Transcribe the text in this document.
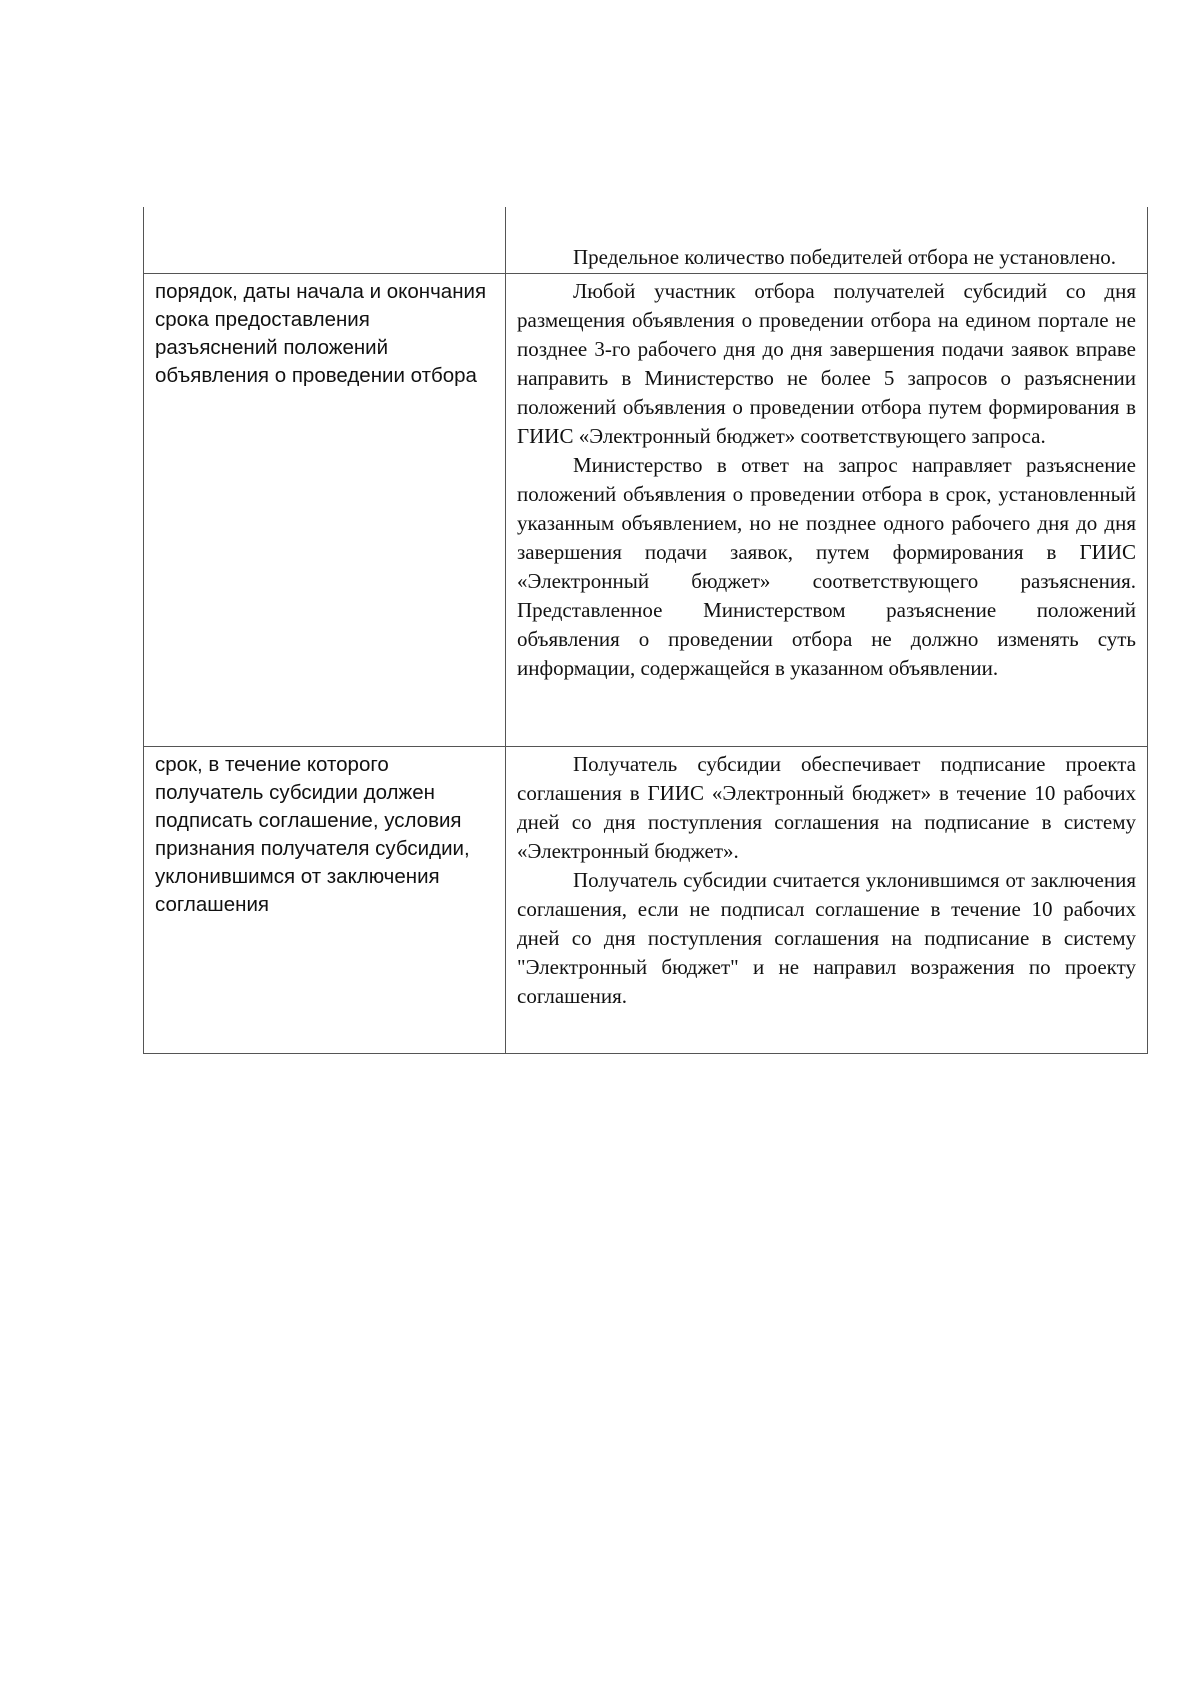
	Предельное количество победителей отбора не установлено.

порядок, даты начала и окончания срока предоставления разъяснений положений объявления о проведении отбора	Любой участник отбора получателей субсидий со дня размещения объявления о проведении отбора на едином портале не позднее 3-го рабочего дня до дня завершения подачи заявок вправе направить в Министерство не более 5 запросов о разъяснении положений объявления о проведении отбора путем формирования в ГИИС «Электронный бюджет» соответствующего запроса.

Министерство в ответ на запрос направляет разъяснение положений объявления о проведении отбора в срок, установленный указанным объявлением, но не позднее одного рабочего дня до дня завершения подачи заявок, путем формирования в ГИИС «Электронный бюджет» соответствующего разъяснения. Представленное Министерством разъяснение положений объявления о проведении отбора не должно изменять суть информации, содержащейся в указанном объявлении.

срок, в течение которого получатель субсидии должен подписать соглашение, условия признания получателя субсидии, уклонившимся от заключения соглашения	Получатель субсидии обеспечивает подписание проекта соглашения в ГИИС «Электронный бюджет» в течение 10 рабочих дней со дня поступления соглашения на подписание в систему «Электронный бюджет».

Получатель субсидии считается уклонившимся от заключения соглашения, если не подписал соглашение в течение 10 рабочих дней со дня поступления соглашения на подписание в систему "Электронный бюджет" и не направил возражения по проекту соглашения.
